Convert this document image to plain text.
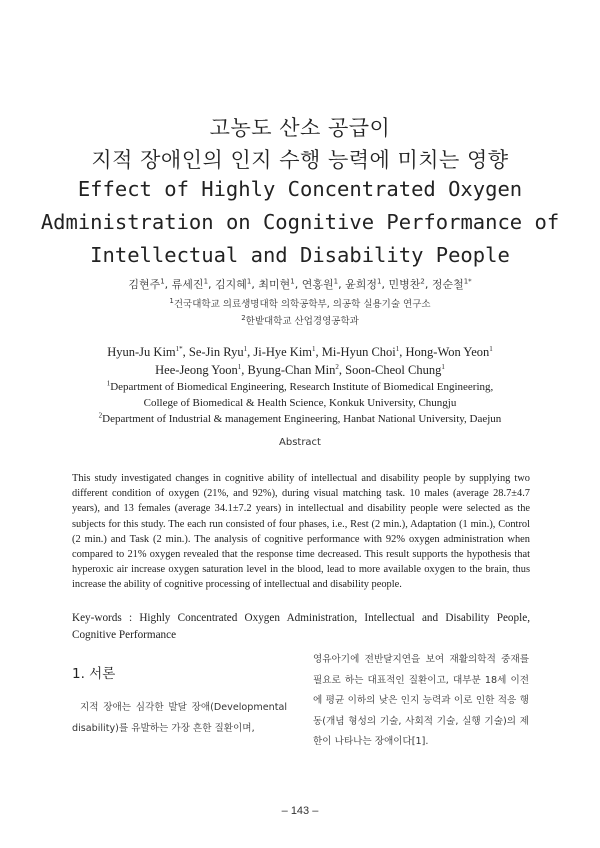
고농도 산소 공급이
지적 장애인의 인지 수행 능력에 미치는 영향
Effect of Highly Concentrated Oxygen
Administration on Cognitive Performance of
Intellectual and Disability People
김현주$^1$, 류세진$^1$, 김지혜$^1$, 최미현$^1$, 연홍원$^1$, 윤희정$^1$, 민병찬$^2$, 정순철$^{1*}$
$^1$건국대학교 의료생명대학 의학공학부, 의공학 실용기술 연구소
$^2$한밭대학교 산업경영공학과
Hyun-Ju Kim$^{1*}$, Se-Jin Ryu$^1$, Ji-Hye Kim$^1$, Mi-Hyun Choi$^1$, Hong-Won Yeon$^1$
Hee-Jeong Yoon$^1$, Byung-Chan Min$^2$, Soon-Cheol Chung$^1$
$^1$Department of Biomedical Engineering, Research Institute of Biomedical Engineering,
College of Biomedical & Health Science, Konkuk University, Chungju
$^2$Department of Industrial & management Engineering, Hanbat National University, Daejun
Abstract

This study investigated changes in cognitive ability of intellectual and disability people by supplying two different condition of oxygen (21%, and 92%), during visual matching task. 10 males (average 28.7±4.7 years), and 13 females (average 34.1±7.2 years) in intellectual and disability people were selected as the subjects for this study. The each run consisted of four phases, i.e., Rest (2 min.), Adaptation (1 min.), Control (2 min.) and Task (2 min.). The analysis of cognitive performance with 92% oxygen administration when compared to 21% oxygen revealed that the response time decreased. This result supports the hypothesis that hyperoxic air increase oxygen saturation level in the blood, lead to more available oxygen to the brain, thus increase the ability of cognitive processing of intellectual and disability people.

Key-words : Highly Concentrated Oxygen Administration, Intellectual and Disability People, Cognitive Performance

1. 서론

지적 장애는 심각한 발달 장애(Developmental disability)를 유발하는 가장 흔한 질환이며,

영유아기에 전반달지연을 보여 재활의학적 중재를 필요로 하는 대표적인 질환이고, 대부분 18세 이전에 평균 이하의 낮은 인지 능력과 이로 인한 적응 행동(개념 형성의 기술, 사회적 기술, 실행 기술)의 제한이 나타나는 장애이다[1].

– 143 –
